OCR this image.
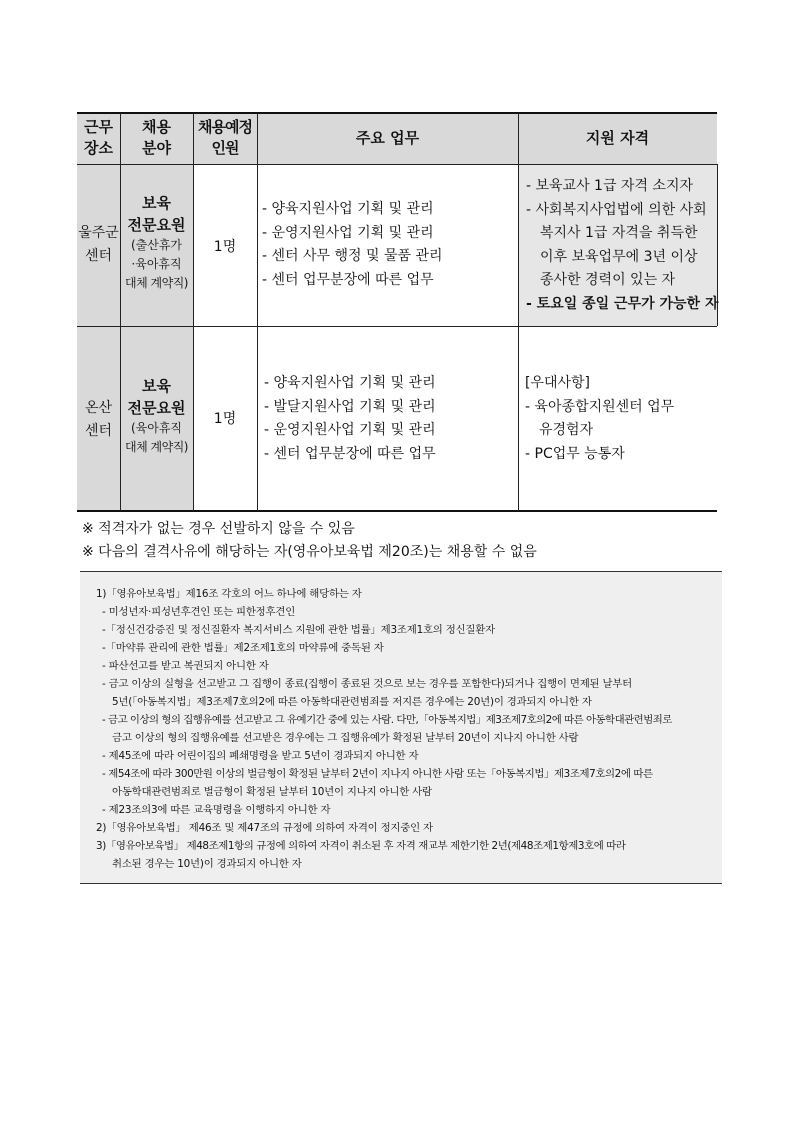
근무
장소
채용
분야
채용예정
인원
주요 업무	지원 자격
울주군
센터
보육
전문요원
(출산휴가
·육아휴직
대체 계약직)
1명
- 양육지원사업 기획 및 관리
- 운영지원사업 기획 및 관리
- 센터 사무 행정 및 물품 관리
- 센터 업무분장에 따른 업무
- 보육교사 1급 자격 소지자
- 사회복지사업법에 의한 사회
복지사 1급 자격을 취득한
이후 보육업무에 3년 이상
종사한 경력이 있는 자
- 토요일 종일 근무가 가능한 자
온산
센터
보육
전문요원
(육아휴직
대체 계약직)
1명
- 양육지원사업 기획 및 관리
- 발달지원사업 기획 및 관리
- 운영지원사업 기획 및 관리
- 센터 업무분장에 따른 업무
[우대사항]
- 육아종합지원센터 업무
유경험자
- PC업무 능통자
※ 적격자가 없는 경우 선발하지 않을 수 있음
※ 다음의 결격사유에 해당하는 자(영유아보육법 제20조)는 채용할 수 없음
1)「영유아보육법」제16조 각호의 어느 하나에 해당하는 자
- 미성년자·피성년후견인 또는 피한정후견인
-「정신건강증진 및 정신질환자 복지서비스 지원에 관한 법률」제3조제1호의 정신질환자
-「마약류 관리에 관한 법률」제2조제1호의 마약류에 중독된 자
- 파산선고를 받고 복권되지 아니한 자
- 금고 이상의 실형을 선고받고 그 집행이 종료(집행이 종료된 것으로 보는 경우를 포함한다)되거나 집행이 면제된 날부터
5년(「아동복지법」제3조제7호의2에 따른 아동학대관련범죄를 저지른 경우에는 20년)이 경과되지 아니한 자
- 금고 이상의 형의 집행유예를 선고받고 그 유예기간 중에 있는 사람. 다만,「아동복지법」제3조제7호의2에 따른 아동학대관련범죄로
금고 이상의 형의 집행유예를 선고받은 경우에는 그 집행유예가 확정된 날부터 20년이 지나지 아니한 사람
- 제45조에 따라 어린이집의 폐쇄명령을 받고 5년이 경과되지 아니한 자
- 제54조에 따라 300만원 이상의 벌금형이 확정된 날부터 2년이 지나지 아니한 사람 또는「아동복지법」제3조제7호의2에 따른
아동학대관련범죄로 벌금형이 확정된 날부터 10년이 지나지 아니한 사람
- 제23조의3에 따른 교육명령을 이행하지 아니한 자
2)「영유아보육법」 제46조 및 제47조의 규정에 의하여 자격이 정지중인 자
3)「영유아보육법」 제48조제1항의 규정에 의하여 자격이 취소된 후 자격 재교부 제한기한 2년(제48조제1항제3호에 따라
취소된 경우는 10년)이 경과되지 아니한 자
